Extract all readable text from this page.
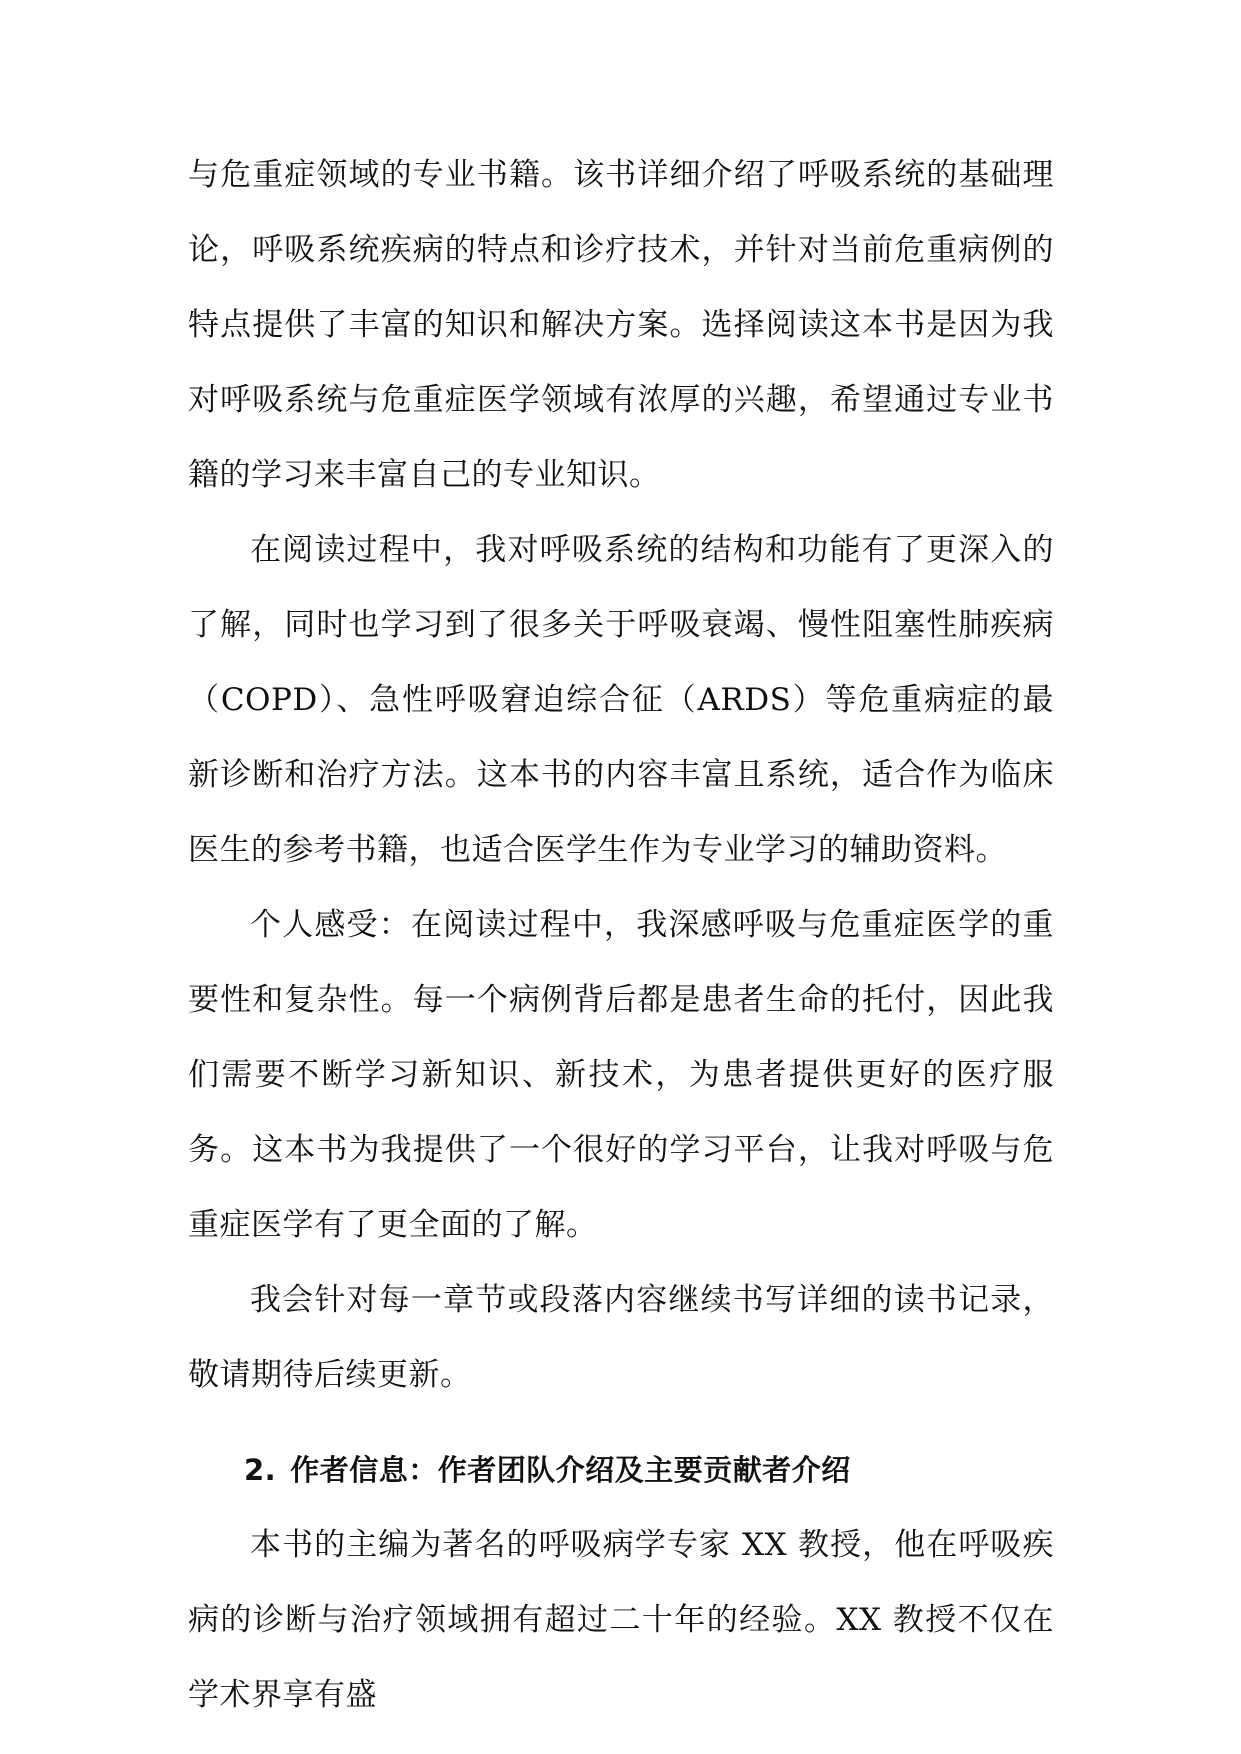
与危重症领域的专业书籍。该书详细介绍了呼吸系统的基础理论，呼吸系统疾病的特点和诊疗技术，并针对当前危重病例的特点提供了丰富的知识和解决方案。选择阅读这本书是因为我对呼吸系统与危重症医学领域有浓厚的兴趣，希望通过专业书籍的学习来丰富自己的专业知识。

在阅读过程中，我对呼吸系统的结构和功能有了更深入的了解，同时也学习到了很多关于呼吸衰竭、慢性阻塞性肺疾病（COPD）、急性呼吸窘迫综合征（ARDS）等危重病症的最新诊断和治疗方法。这本书的内容丰富且系统，适合作为临床医生的参考书籍，也适合医学生作为专业学习的辅助资料。

个人感受：在阅读过程中，我深感呼吸与危重症医学的重要性和复杂性。每一个病例背后都是患者生命的托付，因此我们需要不断学习新知识、新技术，为患者提供更好的医疗服务。这本书为我提供了一个很好的学习平台，让我对呼吸与危重症医学有了更全面的了解。

我会针对每一章节或段落内容继续书写详细的读书记录，敬请期待后续更新。

2. 作者信息：作者团队介绍及主要贡献者介绍

本书的主编为著名的呼吸病学专家 XX 教授，他在呼吸疾病的诊断与治疗领域拥有超过二十年的经验。XX 教授不仅在学术界享有盛
